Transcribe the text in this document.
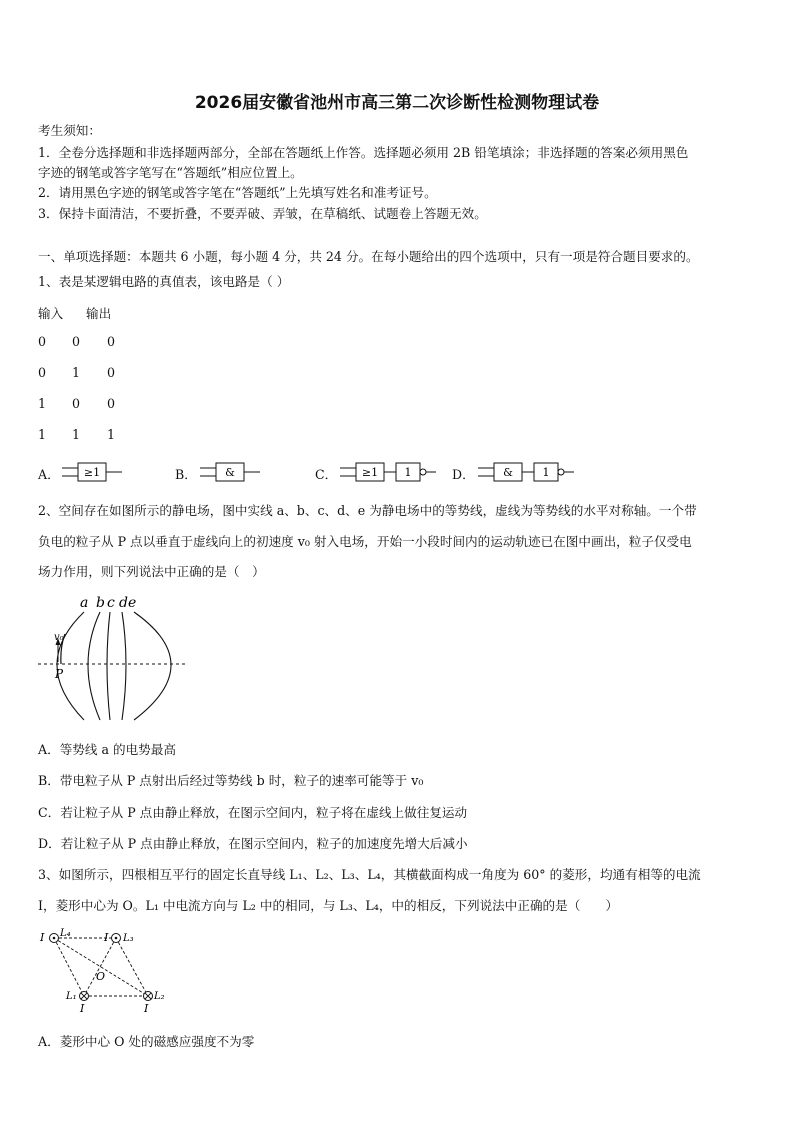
2026届安徽省池州市高三第二次诊断性检测物理试卷
考生须知：
1．全卷分选择题和非选择题两部分，全部在答题纸上作答。选择题必须用 2B 铅笔填涂；非选择题的答案必须用黑色
字迹的钢笔或答字笔写在“答题纸”相应位置上。
2．请用黑色字迹的钢笔或答字笔在“答题纸”上先填写姓名和准考证号。
3．保持卡面清洁，不要折叠，不要弄破、弄皱，在草稿纸、试题卷上答题无效。
一、单项选择题：本题共 6 小题，每小题 4 分，共 24 分。在每小题给出的四个选项中，只有一项是符合题目要求的。
1、表是某逻辑电路的真值表，该电路是（ ）
输入 输出
0 0 0
0 1 0
1 0 0
1 1 1
A． ≥1	B．	&	C． ≥1 1	D．	&	1
2、空间存在如图所示的静电场，图中实线 a、b、c、d、e 为静电场中的等势线，虚线为等势线的水平对称轴。一个带
负电的粒子从 P 点以垂直于虚线向上的初速度 v₀ 射入电场，开始一小段时间内的运动轨迹已在图中画出，粒子仅受电
场力作用，则下列说法中正确的是（　）
a b c d e
v₀
P
A．等势线 a 的电势最高
B．带电粒子从 P 点射出后经过等势线 b 时，粒子的速率可能等于 v₀
C．若让粒子从 P 点由静止释放，在图示空间内，粒子将在虚线上做往复运动
D．若让粒子从 P 点由静止释放，在图示空间内，粒子的加速度先增大后减小
3、如图所示，四根相互平行的固定长直导线 L₁、L₂、L₃、L₄，其横截面构成一角度为 60° 的菱形，均通有相等的电流
I，菱形中心为 O。L₁ 中电流方向与 L₂ 中的相同，与 L₃、L₄，中的相反，下列说法中正确的是（　　）
I L₄	I L₃
O
L₁	L₂
I	I
A．菱形中心 O 处的磁感应强度不为零
